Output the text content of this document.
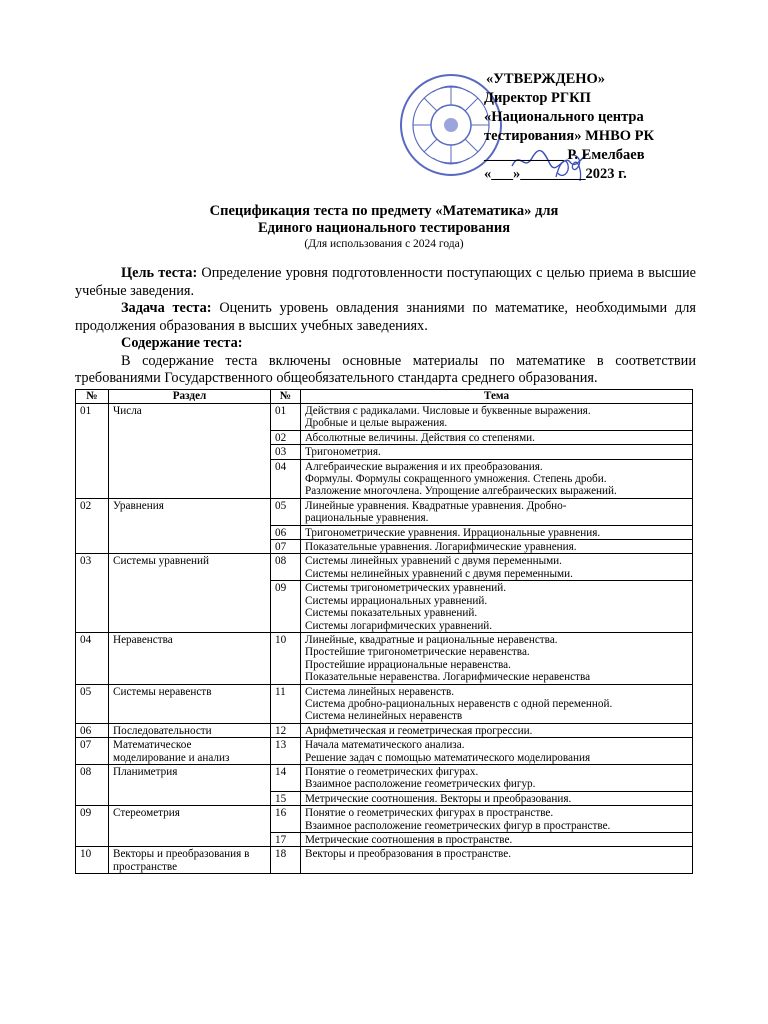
«УТВЕРЖДЕНО»
Директор РГКП
«Национального центра
тестирования» МНВО РК
___________ Р. Емелбаев
«___»_________2023 г.
Спецификация теста по предмету «Математика» для
Единого национального тестирования
(Для использования с 2024 года)

Цель теста: Определение уровня подготовленности поступающих с целью приема в высшие учебные заведения.

Задача теста: Оценить уровень овладения знаниями по математике, необходимыми для продолжения образования в высших учебных заведениях.

Содержание теста:

В содержание теста включены основные материалы по математике в соответствии требованиями Государственного общеобязательного стандарта среднего образования.

№	Раздел	№	Тема
01	Числа	01	Действия с радикалами. Числовые и буквенные выражения.
Дробные и целые выражения.

		02	Абсолютные величины. Действия со степенями.

		03	Тригонометрия.

		04	Алгебраические выражения и их преобразования.
Формулы. Формулы сокращенного умножения. Степень дроби.
Разложение многочлена. Упрощение алгебраических выражений.

02	Уравнения	05	Линейные уравнения. Квадратные уравнения. Дробно-
рациональные уравнения.

		06	Тригонометрические уравнения. Иррациональные уравнения.

		07	Показательные уравнения. Логарифмические уравнения.

03	Системы уравнений	08	Системы линейных уравнений с двумя переменными.
Системы нелинейных уравнений с двумя переменными.

		09	Системы тригонометрических уравнений.
Системы иррациональных уравнений.
Системы показательных уравнений.
Системы логарифмических уравнений.

04	Неравенства	10	Линейные, квадратные и рациональные неравенства.
Простейшие тригонометрические неравенства.
Простейшие иррациональные неравенства.
Показательные неравенства. Логарифмические неравенства

05	Системы неравенств	11	Система линейных неравенств.
Система дробно-рациональных неравенств с одной переменной.
Система нелинейных неравенств

06	Последовательности	12	Арифметическая и геометрическая прогрессии.

07	Математическое моделирование и анализ	13	Начала математического анализа.
Решение задач с помощью математического моделирования

08	Планиметрия	14	Понятие о геометрических фигурах.
Взаимное расположение геометрических фигур.

		15	Метрические соотношения. Векторы и преобразования.

09	Стереометрия	16	Понятие о геометрических фигурах в пространстве.
Взаимное расположение геометрических фигур в пространстве.

		17	Метрические соотношения в пространстве.

10	Векторы и преобразования в пространстве	18	Векторы и преобразования в пространстве.
